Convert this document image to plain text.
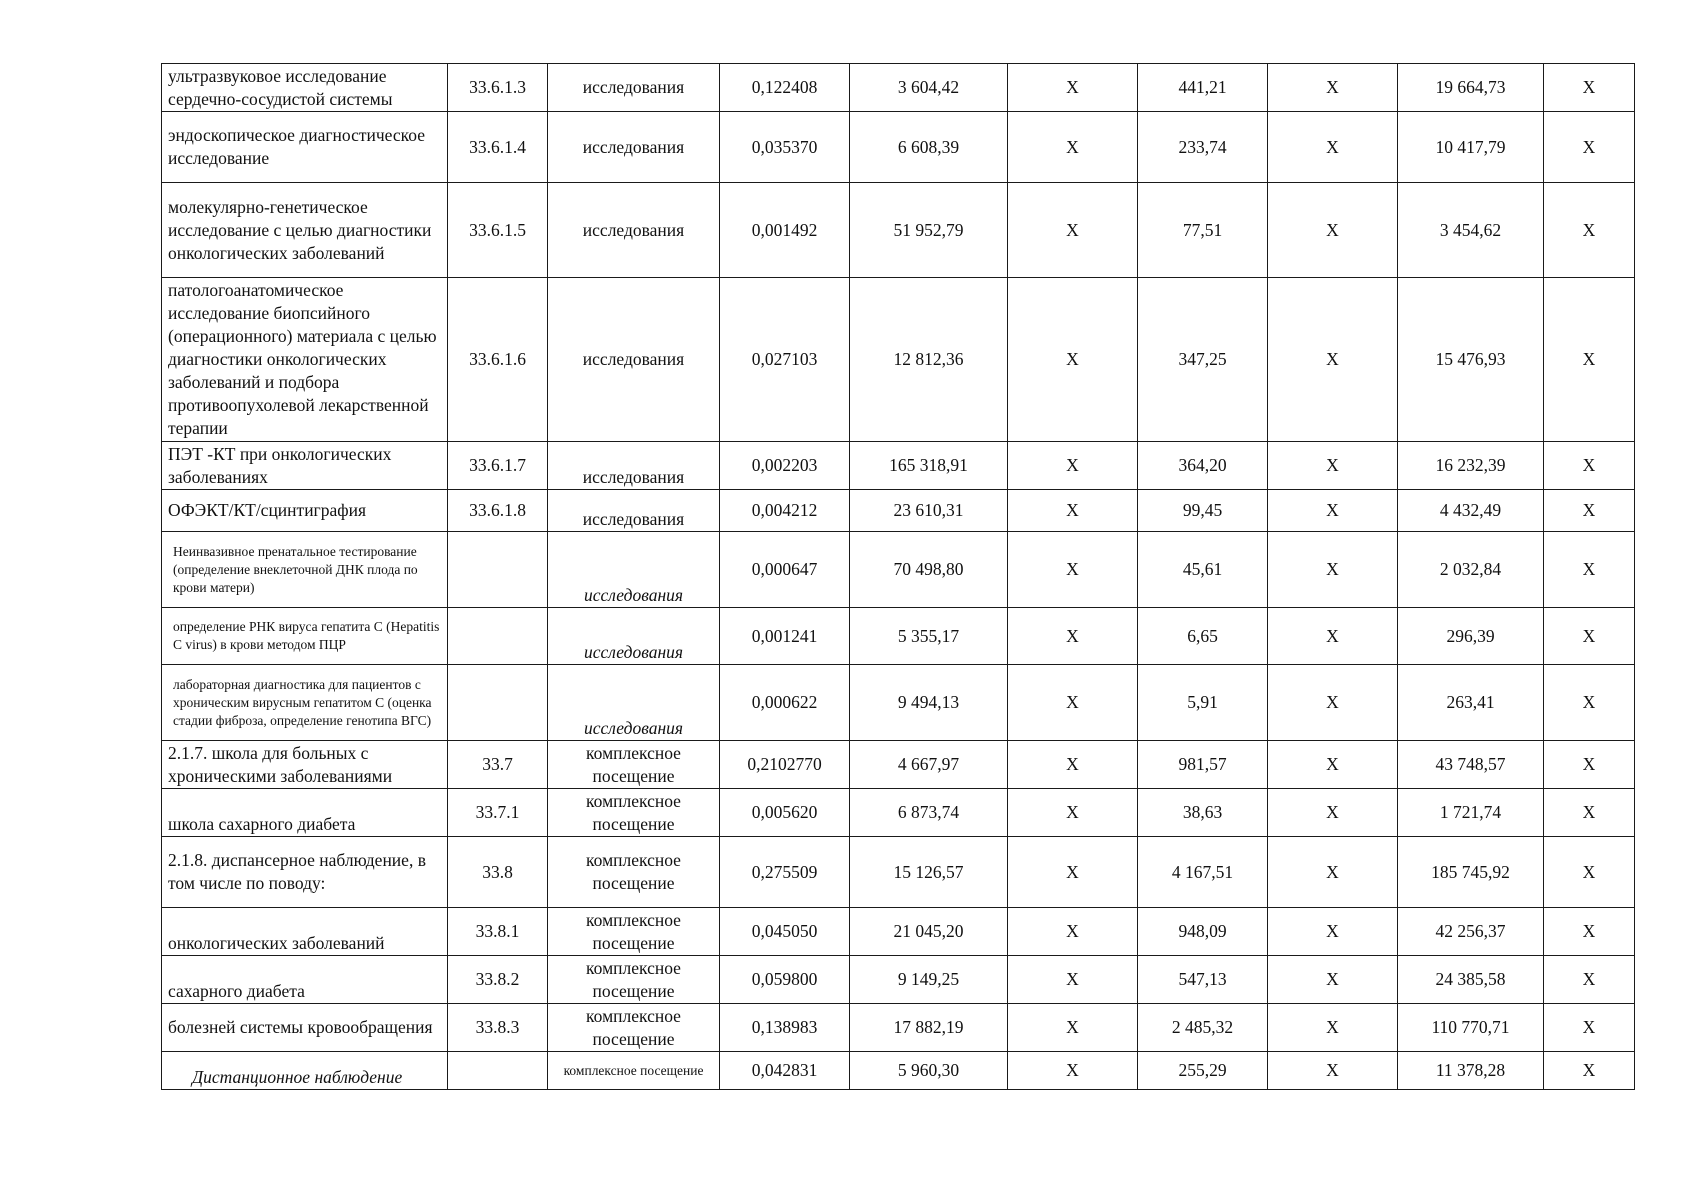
ультразвуковое исследование сердечно-сосудистой системы	33.6.1.3	исследования	0,122408	3 604,42	X	441,21	X	19 664,73	X
эндоскопическое диагностическое исследование	33.6.1.4	исследования	0,035370	6 608,39	X	233,74	X	10 417,79	X
молекулярно-генетическое исследование с целью диагностики онкологических заболеваний	33.6.1.5	исследования	0,001492	51 952,79	X	77,51	X	3 454,62	X
патологоанатомическое исследование биопсийного (операционного) материала с целью диагностики онкологических заболеваний и подбора противоопухолевой лекарственной терапии	33.6.1.6	исследования	0,027103	12 812,36	X	347,25	X	15 476,93	X
ПЭТ -КТ при онкологических заболеваниях	33.6.1.7	исследования	0,002203	165 318,91	X	364,20	X	16 232,39	X
ОФЭКТ/КТ/сцинтиграфия	33.6.1.8	исследования	0,004212	23 610,31	X	99,45	X	4 432,49	X
Неинвазивное пренатальное тестирование (определение внеклеточной ДНК плода по крови матери)		исследования	0,000647	70 498,80	X	45,61	X	2 032,84	X
определение РНК вируса гепатита С (Hepatitis C virus) в крови методом ПЦР		исследования	0,001241	5 355,17	X	6,65	X	296,39	X
лабораторная диагностика для пациентов с хроническим вирусным гепатитом С (оценка стадии фиброза, определение генотипа ВГС)		исследования	0,000622	9 494,13	X	5,91	X	263,41	X
2.1.7. школа для больных с хроническими заболеваниями	33.7	комплексное посещение	0,2102770	4 667,97	X	981,57	X	43 748,57	X
школа сахарного диабета	33.7.1	комплексное посещение	0,005620	6 873,74	X	38,63	X	1 721,74	X
2.1.8. диспансерное наблюдение, в том числе по поводу:	33.8	комплексное посещение	0,275509	15 126,57	X	4 167,51	X	185 745,92	X
онкологических заболеваний	33.8.1	комплексное посещение	0,045050	21 045,20	X	948,09	X	42 256,37	X
сахарного диабета	33.8.2	комплексное посещение	0,059800	9 149,25	X	547,13	X	24 385,58	X
болезней системы кровообращения	33.8.3	комплексное посещение	0,138983	17 882,19	X	2 485,32	X	110 770,71	X
Дистанционное наблюдение		комплексное посещение	0,042831	5 960,30	X	255,29	X	11 378,28	X
